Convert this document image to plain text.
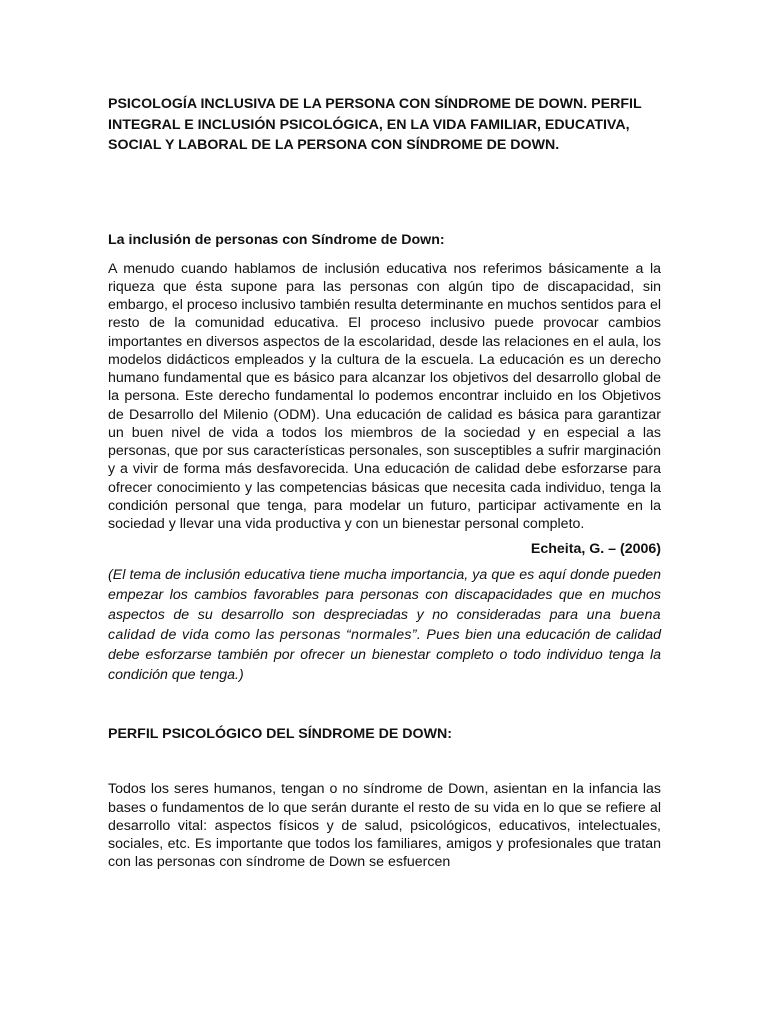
PSICOLOGÍA INCLUSIVA DE LA PERSONA CON SÍNDROME DE DOWN. PERFIL INTEGRAL E INCLUSIÓN PSICOLÓGICA, EN LA VIDA FAMILIAR, EDUCATIVA, SOCIAL Y LABORAL DE LA PERSONA CON SÍNDROME DE DOWN.
La inclusión de personas con Síndrome de Down:

A menudo cuando hablamos de inclusión educativa nos referimos básicamente a la riqueza que ésta supone para las personas con algún tipo de discapacidad, sin embargo, el proceso inclusivo también resulta determinante en muchos sentidos para el resto de la comunidad educativa. El proceso inclusivo puede provocar cambios importantes en diversos aspectos de la escolaridad, desde las relaciones en el aula, los modelos didácticos empleados y la cultura de la escuela. La educación es un derecho humano fundamental que es básico para alcanzar los objetivos del desarrollo global de la persona. Este derecho fundamental lo podemos encontrar incluido en los Objetivos de Desarrollo del Milenio (ODM). Una educación de calidad es básica para garantizar un buen nivel de vida a todos los miembros de la sociedad y en especial a las personas, que por sus características personales, son susceptibles a sufrir marginación y a vivir de forma más desfavorecida. Una educación de calidad debe esforzarse para ofrecer conocimiento y las competencias básicas que necesita cada individuo, tenga la condición personal que tenga, para modelar un futuro, participar activamente en la sociedad y llevar una vida productiva y con un bienestar personal completo.

Echeita, G. – (2006)

(El tema de inclusión educativa tiene mucha importancia, ya que es aquí donde pueden empezar los cambios favorables para personas con discapacidades que en muchos aspectos de su desarrollo son despreciadas y no consideradas para una buena calidad de vida como las personas “normales”. Pues bien una educación de calidad debe esforzarse también por ofrecer un bienestar completo o todo individuo tenga la condición que tenga.)

PERFIL PSICOLÓGICO DEL SÍNDROME DE DOWN:

Todos los seres humanos, tengan o no síndrome de Down, asientan en la infancia las bases o fundamentos de lo que serán durante el resto de su vida en lo que se refiere al desarrollo vital: aspectos físicos y de salud, psicológicos, educativos, intelectuales, sociales, etc. Es importante que todos los familiares, amigos y profesionales que tratan con las personas con síndrome de Down se esfuercen
